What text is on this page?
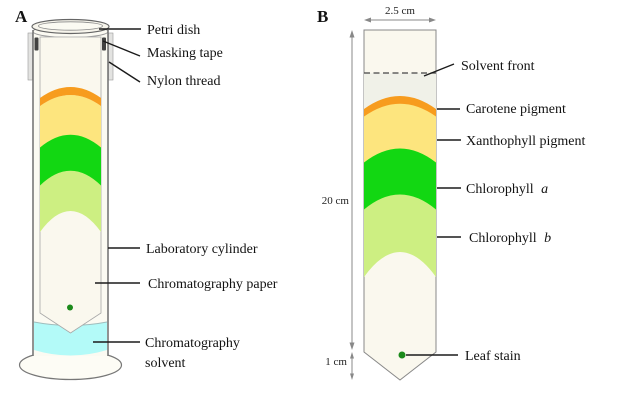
A
Petri dish
Masking tape
Nylon thread
Laboratory cylinder
Chromatography paper
Chromatography
solvent
B	2.5 cm
20 cm
1 cm
Solvent front
Carotene pigment
Xanthophyll pigment
Chlorophyll a
Chlorophyll b
Leaf stain
